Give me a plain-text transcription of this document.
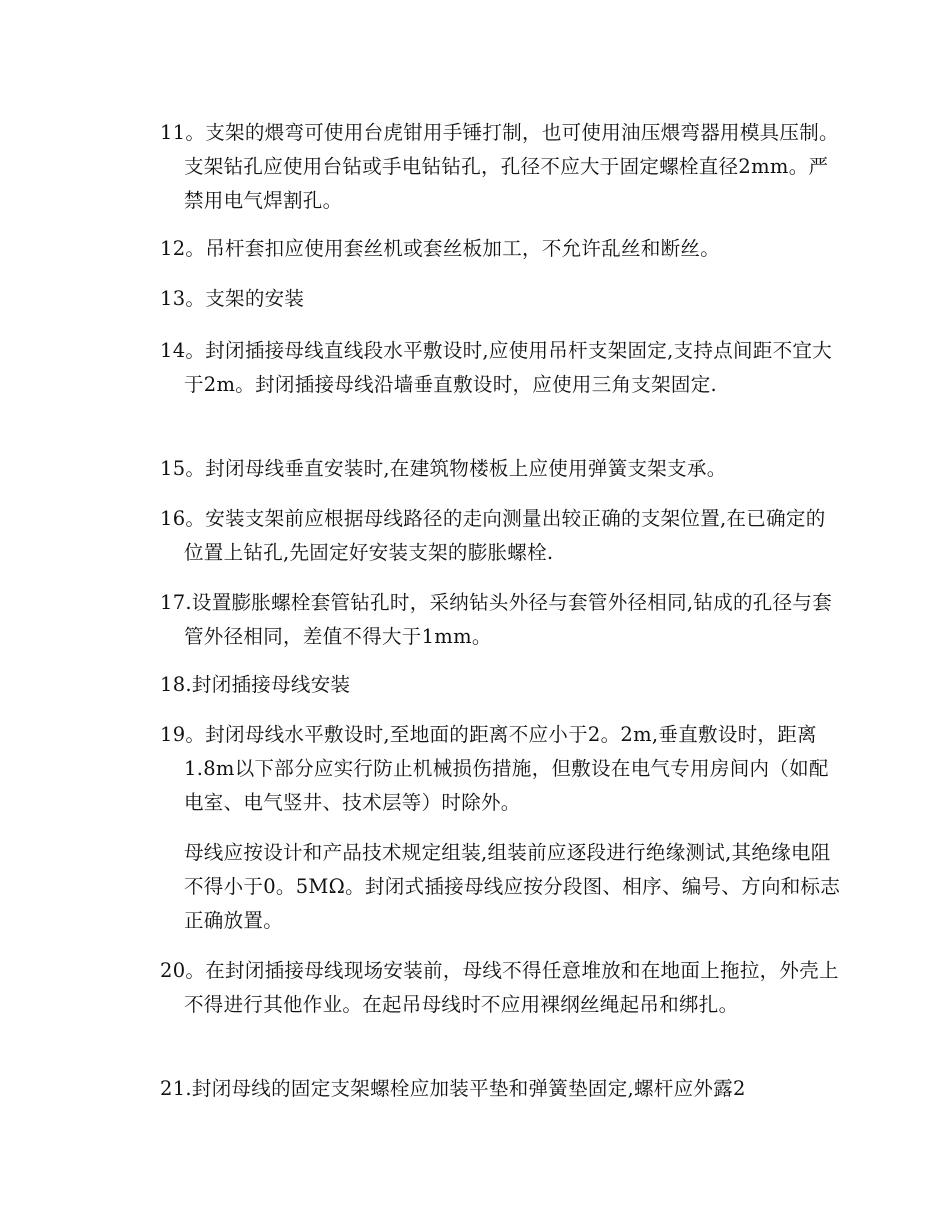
11。支架的煨弯可使用台虎钳用手锤打制，也可使用油压煨弯器用模具压制。支架钻孔应使用台钻或手电钻钻孔，孔径不应大于固定螺栓直径2mm。严禁用电气焊割孔。

12。吊杆套扣应使用套丝机或套丝板加工，不允许乱丝和断丝。

13。支架的安装

14。封闭插接母线直线段水平敷设时,应使用吊杆支架固定,支持点间距不宜大于2m。封闭插接母线沿墙垂直敷设时，应使用三角支架固定.

15。封闭母线垂直安装时,在建筑物楼板上应使用弹簧支架支承。

16。安装支架前应根据母线路径的走向测量出较正确的支架位置,在已确定的位置上钻孔,先固定好安装支架的膨胀螺栓.

17.设置膨胀螺栓套管钻孔时，采纳钻头外径与套管外径相同,钻成的孔径与套管外径相同，差值不得大于1mm。

18.封闭插接母线安装

19。封闭母线水平敷设时,至地面的距离不应小于2。2m,垂直敷设时，距离1.8m以下部分应实行防止机械损伤措施，但敷设在电气专用房间内（如配电室、电气竖井、技术层等）时除外。

母线应按设计和产品技术规定组装,组装前应逐段进行绝缘测试,其绝缘电阻不得小于0。5MΩ。封闭式插接母线应按分段图、相序、编号、方向和标志正确放置。

20。在封闭插接母线现场安装前，母线不得任意堆放和在地面上拖拉，外壳上不得进行其他作业。在起吊母线时不应用裸纲丝绳起吊和绑扎。

21.封闭母线的固定支架螺栓应加装平垫和弹簧垫固定,螺杆应外露2
